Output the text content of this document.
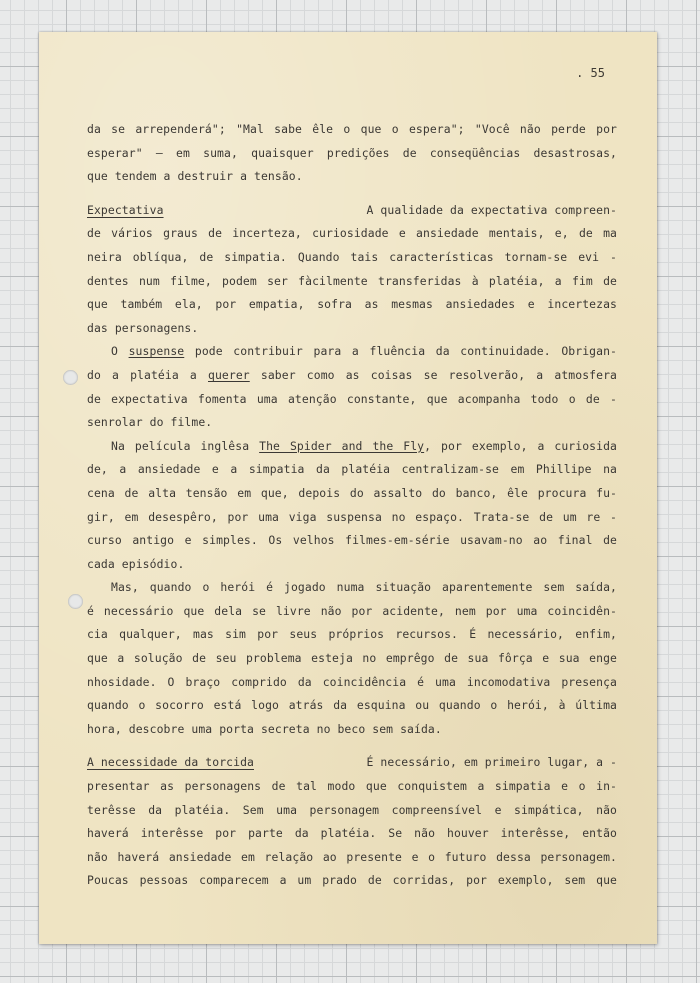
. 55
da se arrependerá"; "Mal sabe êle o que o espera"; "Você não perde por
esperar" — em suma, quaisquer predições de conseqüências desastrosas,
que tendem a destruir a tensão.
Expectativa	A qualidade da expectativa compreen-
de vários graus de incerteza, curiosidade e ansiedade mentais, e, de ma
neira oblíqua, de simpatia. Quando tais características tornam-se evi -
dentes num filme, podem ser fàcilmente transferidas à platéia, a fim de
que também ela, por empatia, sofra as mesmas ansiedades e incertezas
das personagens.
O suspense pode contribuir para a fluência da continuidade. Obrigan-
do a platéia a querer saber como as coisas se resolverão, a atmosfera
de expectativa fomenta uma atenção constante, que acompanha todo o de -
senrolar do filme.
Na película inglêsa The Spider and the Fly, por exemplo, a curiosida
de, a ansiedade e a simpatia da platéia centralizam-se em Phillipe na
cena de alta tensão em que, depois do assalto do banco, êle procura fu-
gir, em desespêro, por uma viga suspensa no espaço. Trata-se de um re -
curso antigo e simples. Os velhos filmes-em-série usavam-no ao final de
cada episódio.
Mas, quando o herói é jogado numa situação aparentemente sem saída,
é necessário que dela se livre não por acidente, nem por uma coincidên-
cia qualquer, mas sim por seus próprios recursos. É necessário, enfim,
que a solução de seu problema esteja no emprêgo de sua fôrça e sua enge
nhosidade. O braço comprido da coincidência é uma incomodativa presença
quando o socorro está logo atrás da esquina ou quando o herói, à última
hora, descobre uma porta secreta no beco sem saída.
A necessidade da torcida	É necessário, em primeiro lugar, a -
presentar as personagens de tal modo que conquistem a simpatia e o in-
terêsse da platéia. Sem uma personagem compreensível e simpática, não
haverá interêsse por parte da platéia. Se não houver interêsse, então
não haverá ansiedade em relação ao presente e o futuro dessa personagem.
Poucas pessoas comparecem a um prado de corridas, por exemplo, sem que
